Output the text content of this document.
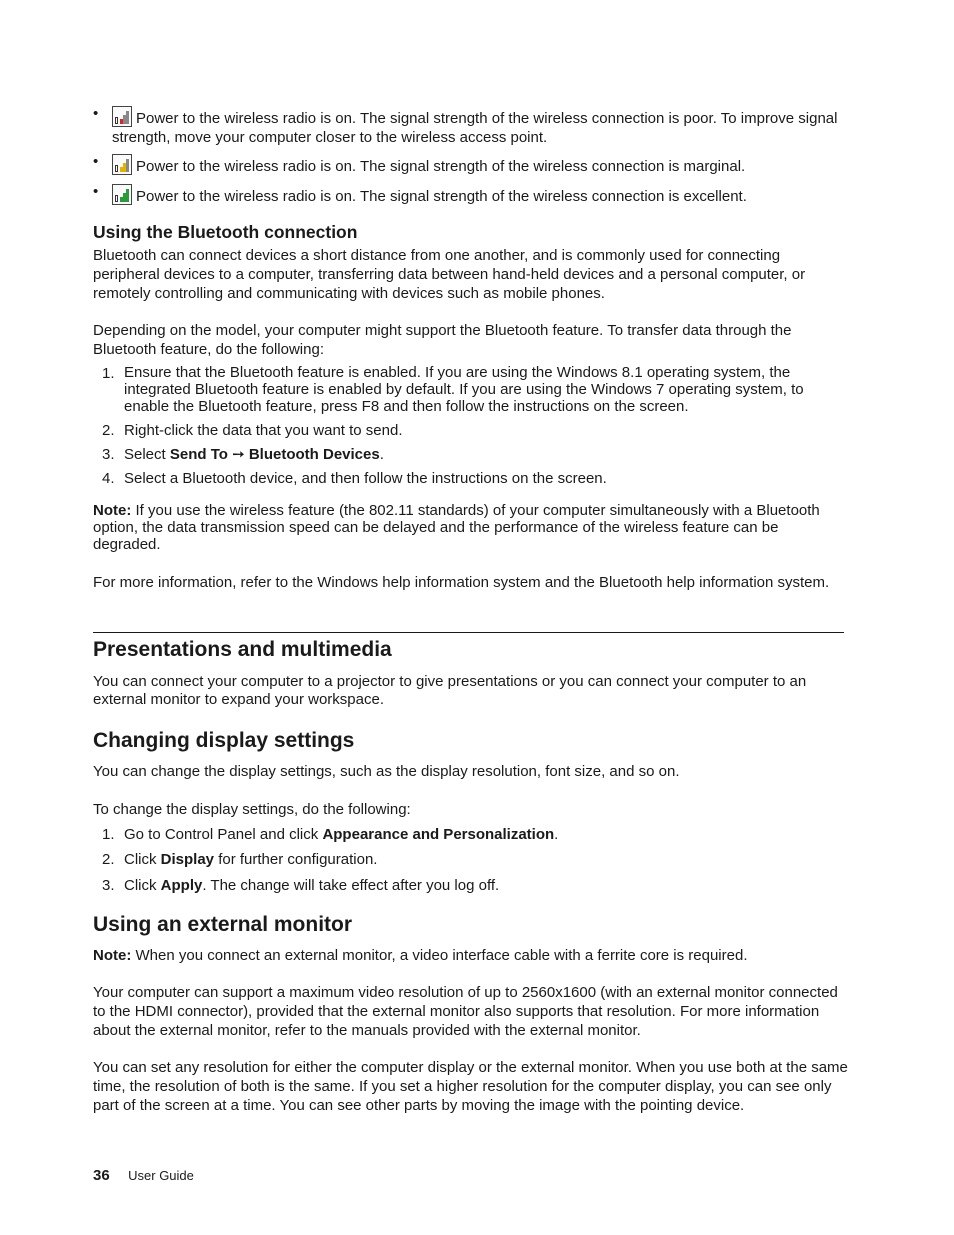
•	Power to the wireless radio is on. The signal strength of the wireless connection is poor. To improve signal strength, move your computer closer to the wireless access point.
•	Power to the wireless radio is on. The signal strength of the wireless connection is marginal.
•	Power to the wireless radio is on. The signal strength of the wireless connection is excellent.
Using the Bluetooth connection

Bluetooth can connect devices a short distance from one another, and is commonly used for connecting peripheral devices to a computer, transferring data between hand-held devices and a personal computer, or remotely controlling and communicating with devices such as mobile phones.

Depending on the model, your computer might support the Bluetooth feature. To transfer data through the Bluetooth feature, do the following:

1. Ensure that the Bluetooth feature is enabled. If you are using the Windows 8.1 operating system, the integrated Bluetooth feature is enabled by default. If you are using the Windows 7 operating system, to enable the Bluetooth feature, press F8 and then follow the instructions on the screen.
2. Right-click the data that you want to send.
3. Select Send To ➙ Bluetooth Devices.
4. Select a Bluetooth device, and then follow the instructions on the screen.

Note: If you use the wireless feature (the 802.11 standards) of your computer simultaneously with a Bluetooth option, the data transmission speed can be delayed and the performance of the wireless feature can be degraded.

For more information, refer to the Windows help information system and the Bluetooth help information system.

Presentations and multimedia

You can connect your computer to a projector to give presentations or you can connect your computer to an external monitor to expand your workspace.

Changing display settings

You can change the display settings, such as the display resolution, font size, and so on.

To change the display settings, do the following:

1. Go to Control Panel and click Appearance and Personalization.
2. Click Display for further configuration.
3. Click Apply. The change will take effect after you log off.
Using an external monitor

Note: When you connect an external monitor, a video interface cable with a ferrite core is required.

Your computer can support a maximum video resolution of up to 2560x1600 (with an external monitor connected to the HDMI connector), provided that the external monitor also supports that resolution. For more information about the external monitor, refer to the manuals provided with the external monitor.

You can set any resolution for either the computer display or the external monitor. When you use both at the same time, the resolution of both is the same. If you set a higher resolution for the computer display, you can see only part of the screen at a time. You can see other parts by moving the image with the pointing device.

36 User Guide
